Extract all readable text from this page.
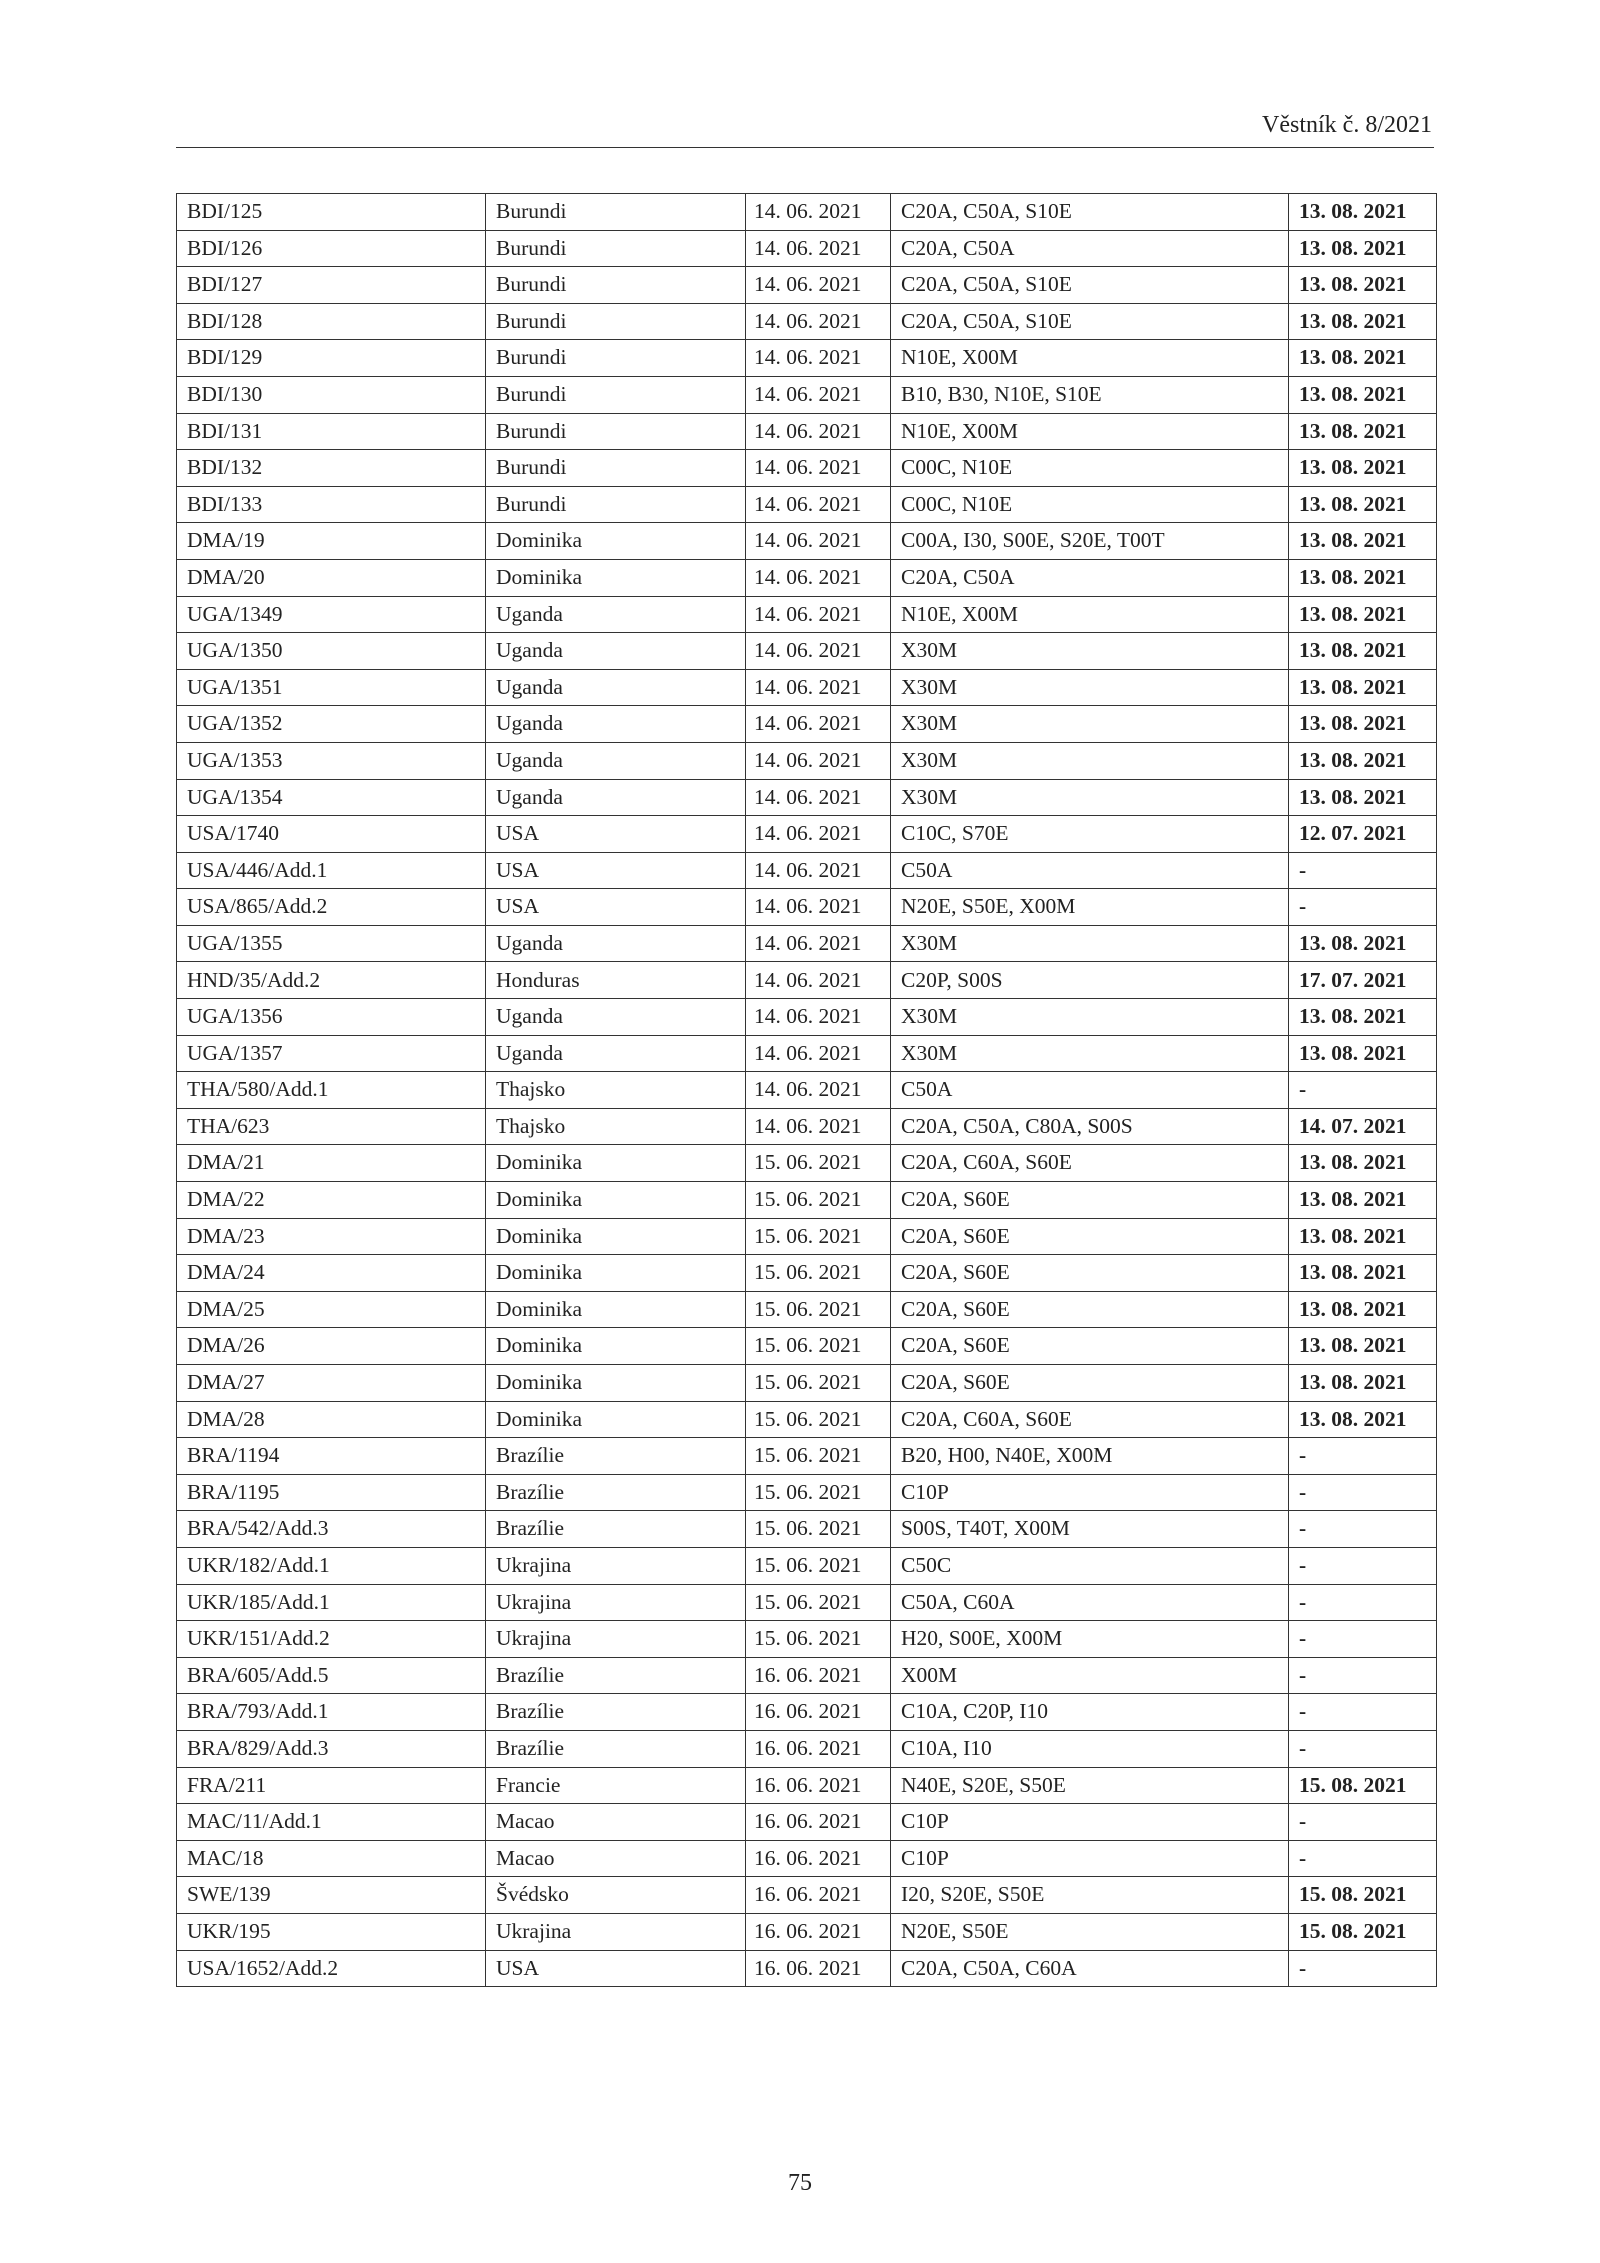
Věstník č. 8/2021
BDI/125	Burundi	14. 06. 2021	C20A, C50A, S10E	13. 08. 2021
BDI/126	Burundi	14. 06. 2021	C20A, C50A	13. 08. 2021
BDI/127	Burundi	14. 06. 2021	C20A, C50A, S10E	13. 08. 2021
BDI/128	Burundi	14. 06. 2021	C20A, C50A, S10E	13. 08. 2021
BDI/129	Burundi	14. 06. 2021	N10E, X00M	13. 08. 2021
BDI/130	Burundi	14. 06. 2021	B10, B30, N10E, S10E	13. 08. 2021
BDI/131	Burundi	14. 06. 2021	N10E, X00M	13. 08. 2021
BDI/132	Burundi	14. 06. 2021	C00C, N10E	13. 08. 2021
BDI/133	Burundi	14. 06. 2021	C00C, N10E	13. 08. 2021
DMA/19	Dominika	14. 06. 2021	C00A, I30, S00E, S20E, T00T	13. 08. 2021
DMA/20	Dominika	14. 06. 2021	C20A, C50A	13. 08. 2021
UGA/1349	Uganda	14. 06. 2021	N10E, X00M	13. 08. 2021
UGA/1350	Uganda	14. 06. 2021	X30M	13. 08. 2021
UGA/1351	Uganda	14. 06. 2021	X30M	13. 08. 2021
UGA/1352	Uganda	14. 06. 2021	X30M	13. 08. 2021
UGA/1353	Uganda	14. 06. 2021	X30M	13. 08. 2021
UGA/1354	Uganda	14. 06. 2021	X30M	13. 08. 2021
USA/1740	USA	14. 06. 2021	C10C, S70E	12. 07. 2021
USA/446/Add.1	USA	14. 06. 2021	C50A	-
USA/865/Add.2	USA	14. 06. 2021	N20E, S50E, X00M	-
UGA/1355	Uganda	14. 06. 2021	X30M	13. 08. 2021
HND/35/Add.2	Honduras	14. 06. 2021	C20P, S00S	17. 07. 2021
UGA/1356	Uganda	14. 06. 2021	X30M	13. 08. 2021
UGA/1357	Uganda	14. 06. 2021	X30M	13. 08. 2021
THA/580/Add.1	Thajsko	14. 06. 2021	C50A	-
THA/623	Thajsko	14. 06. 2021	C20A, C50A, C80A, S00S	14. 07. 2021
DMA/21	Dominika	15. 06. 2021	C20A, C60A, S60E	13. 08. 2021
DMA/22	Dominika	15. 06. 2021	C20A, S60E	13. 08. 2021
DMA/23	Dominika	15. 06. 2021	C20A, S60E	13. 08. 2021
DMA/24	Dominika	15. 06. 2021	C20A, S60E	13. 08. 2021
DMA/25	Dominika	15. 06. 2021	C20A, S60E	13. 08. 2021
DMA/26	Dominika	15. 06. 2021	C20A, S60E	13. 08. 2021
DMA/27	Dominika	15. 06. 2021	C20A, S60E	13. 08. 2021
DMA/28	Dominika	15. 06. 2021	C20A, C60A, S60E	13. 08. 2021
BRA/1194	Brazílie	15. 06. 2021	B20, H00, N40E, X00M	-
BRA/1195	Brazílie	15. 06. 2021	C10P	-
BRA/542/Add.3	Brazílie	15. 06. 2021	S00S, T40T, X00M	-
UKR/182/Add.1	Ukrajina	15. 06. 2021	C50C	-
UKR/185/Add.1	Ukrajina	15. 06. 2021	C50A, C60A	-
UKR/151/Add.2	Ukrajina	15. 06. 2021	H20, S00E, X00M	-
BRA/605/Add.5	Brazílie	16. 06. 2021	X00M	-
BRA/793/Add.1	Brazílie	16. 06. 2021	C10A, C20P, I10	-
BRA/829/Add.3	Brazílie	16. 06. 2021	C10A, I10	-
FRA/211	Francie	16. 06. 2021	N40E, S20E, S50E	15. 08. 2021
MAC/11/Add.1	Macao	16. 06. 2021	C10P	-
MAC/18	Macao	16. 06. 2021	C10P	-
SWE/139	Švédsko	16. 06. 2021	I20, S20E, S50E	15. 08. 2021
UKR/195	Ukrajina	16. 06. 2021	N20E, S50E	15. 08. 2021
USA/1652/Add.2	USA	16. 06. 2021	C20A, C50A, C60A	-
75
